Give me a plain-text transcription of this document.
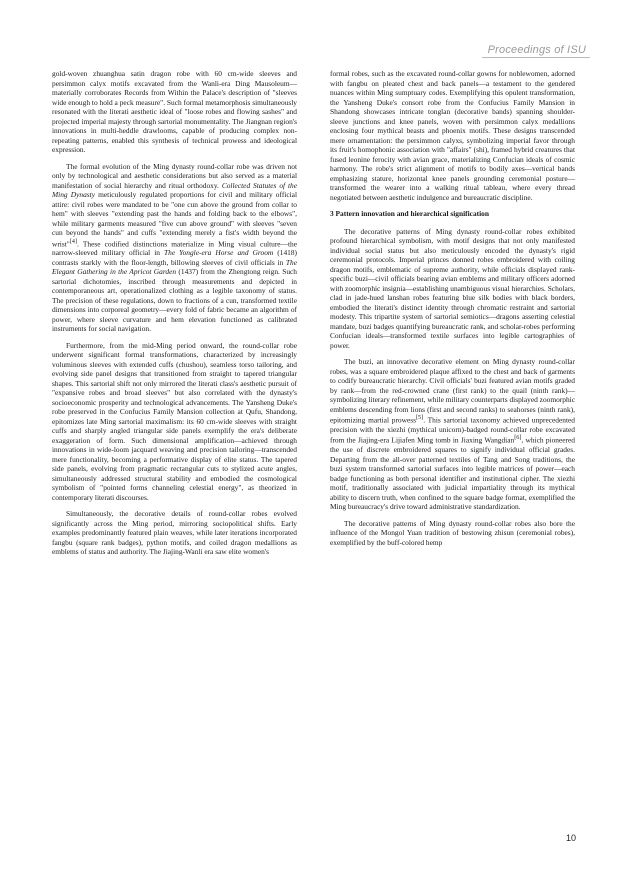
Proceedings of ISU

gold-woven zhuanghua satin dragon robe with 60 cm-wide sleeves and persimmon calyx motifs excavated from the Wanli-era Ding Mausoleum—materially corroborates Records from Within the Palace's description of "sleeves wide enough to hold a peck measure". Such formal metamorphosis simultaneously resonated with the literati aesthetic ideal of "loose robes and flowing sashes" and projected imperial majesty through sartorial monumentality. The Jiangnan region's innovations in multi-heddle drawlooms, capable of producing complex non-repeating patterns, enabled this synthesis of technical prowess and ideological expression.

The formal evolution of the Ming dynasty round-collar robe was driven not only by technological and aesthetic considerations but also served as a material manifestation of social hierarchy and ritual orthodoxy. Collected Statutes of the Ming Dynasty meticulously regulated proportions for civil and military official attire: civil robes were mandated to be "one cun above the ground from collar to hem" with sleeves "extending past the hands and folding back to the elbows", while military garments measured "five cun above ground" with sleeves "seven cun beyond the hands" and cuffs "extending merely a fist's width beyond the wrist"[4]. These codified distinctions materialize in Ming visual culture—the narrow-sleeved military official in The Yongle-era Horse and Groom (1418) contrasts starkly with the floor-length, billowing sleeves of civil officials in The Elegant Gathering in the Apricot Garden (1437) from the Zhengtong reign. Such sartorial dichotomies, inscribed through measurements and depicted in contemporaneous art, operationalized clothing as a legible taxonomy of status. The precision of these regulations, down to fractions of a cun, transformed textile dimensions into corporeal geometry—every fold of fabric became an algorithm of power, where sleeve curvature and hem elevation functioned as calibrated instruments for social navigation.

Furthermore, from the mid-Ming period onward, the round-collar robe underwent significant formal transformations, characterized by increasingly voluminous sleeves with extended cuffs (chushou), seamless torso tailoring, and evolving side panel designs that transitioned from straight to tapered triangular shapes. This sartorial shift not only mirrored the literati class's aesthetic pursuit of "expansive robes and broad sleeves" but also correlated with the dynasty's socioeconomic prosperity and technological advancements. The Yansheng Duke's robe preserved in the Confucius Family Mansion collection at Qufu, Shandong, epitomizes late Ming sartorial maximalism: its 60 cm-wide sleeves with straight cuffs and sharply angled triangular side panels exemplify the era's deliberate exaggeration of form. Such dimensional amplification—achieved through innovations in wide-loom jacquard weaving and precision tailoring—transcended mere functionality, becoming a performative display of elite status. The tapered side panels, evolving from pragmatic rectangular cuts to stylized acute angles, simultaneously addressed structural stability and embodied the cosmological symbolism of "pointed forms channeling celestial energy", as theorized in contemporary literati discourses.

Simultaneously, the decorative details of round-collar robes evolved significantly across the Ming period, mirroring sociopolitical shifts. Early examples predominantly featured plain weaves, while later iterations incorporated fangbu (square rank badges), python motifs, and coiled dragon medallions as emblems of status and authority. The Jiajing-Wanli era saw elite women's

formal robes, such as the excavated round-collar gowns for noblewomen, adorned with fangbu on pleated chest and back panels—a testament to the gendered nuances within Ming sumptuary codes. Exemplifying this opulent transformation, the Yansheng Duke's consort robe from the Confucius Family Mansion in Shandong showcases intricate tonglan (decorative bands) spanning shoulder-sleeve junctions and knee panels, woven with persimmon calyx medallions enclosing four mythical beasts and phoenix motifs. These designs transcended mere ornamentation: the persimmon calyxs, symbolizing imperial favor through its fruit's homophonic association with "affairs" (shi), framed hybrid creatures that fused leonine ferocity with avian grace, materializing Confucian ideals of cosmic harmony. The robe's strict alignment of motifs to bodily axes—vertical bands emphasizing stature, horizontal knee panels grounding ceremonial posture—transformed the wearer into a walking ritual tableau, where every thread negotiated between aesthetic indulgence and bureaucratic discipline.

3 Pattern innovation and hierarchical signification

The decorative patterns of Ming dynasty round-collar robes exhibited profound hierarchical symbolism, with motif designs that not only manifested individual social status but also meticulously encoded the dynasty's rigid ceremonial protocols. Imperial princes donned robes embroidered with coiling dragon motifs, emblematic of supreme authority, while officials displayed rank-specific buzi—civil officials bearing avian emblems and military officers adorned with zoomorphic insignia—establishing unambiguous visual hierarchies. Scholars, clad in jade-hued lanshan robes featuring blue silk bodies with black borders, embodied the literati's distinct identity through chromatic restraint and sartorial modesty. This tripartite system of sartorial semiotics—dragons asserting celestial mandate, buzi badges quantifying bureaucratic rank, and scholar-robes performing Confucian ideals—transformed textile surfaces into legible cartographies of power.

The buzi, an innovative decorative element on Ming dynasty round-collar robes, was a square embroidered plaque affixed to the chest and back of garments to codify bureaucratic hierarchy. Civil officials' buzi featured avian motifs graded by rank—from the red-crowned crane (first rank) to the quail (ninth rank)—symbolizing literary refinement, while military counterparts displayed zoomorphic emblems descending from lions (first and second ranks) to seahorses (ninth rank), epitomizing martial prowess[5]. This sartorial taxonomy achieved unprecedented precision with the xiezhi (mythical unicorn)-badged round-collar robe excavated from the Jiajing-era Lijiafen Ming tomb in Jiaxing Wangdian[6], which pioneered the use of discrete embroidered squares to signify individual official grades. Departing from the all-over patterned textiles of Tang and Song traditions, the buzi system transformed sartorial surfaces into legible matrices of power—each badge functioning as both personal identifier and institutional cipher. The xiezhi motif, traditionally associated with judicial impartiality through its mythical ability to discern truth, when confined to the square badge format, exemplified the Ming bureaucracy's drive toward administrative standardization.

The decorative patterns of Ming dynasty round-collar robes also bore the influence of the Mongol Yuan tradition of bestowing zhisun (ceremonial robes), exemplified by the buff-colored hemp

10
